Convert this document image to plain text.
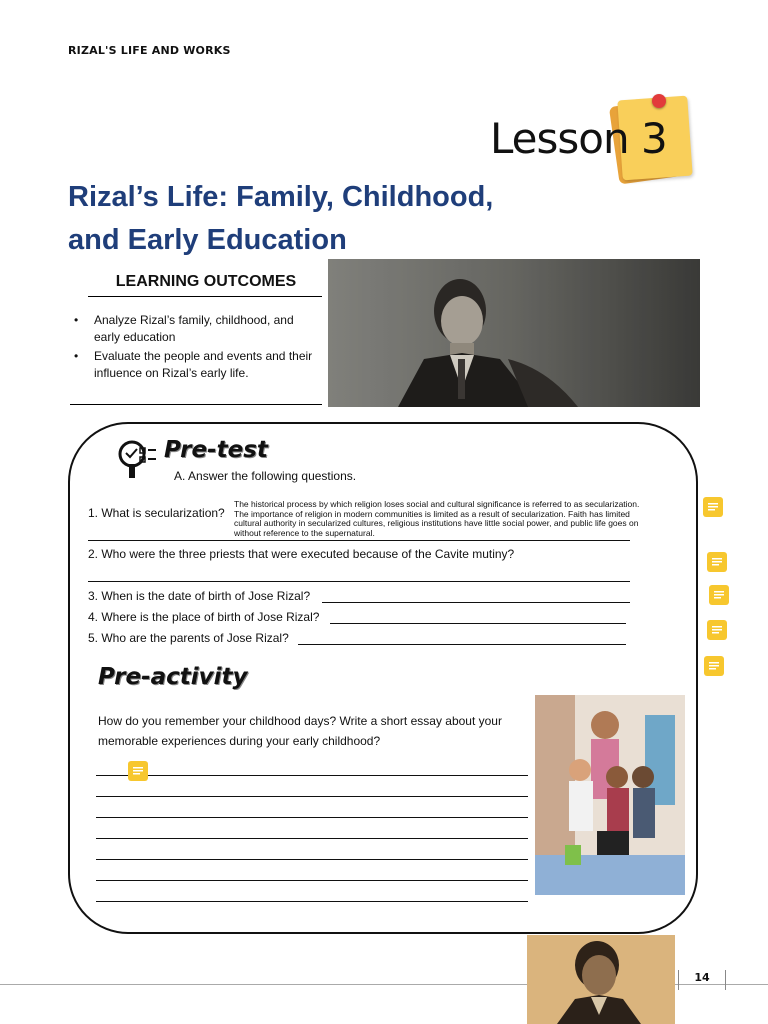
RIZAL'S LIFE AND WORKS
Lesson 3
Rizal’s Life: Family, Childhood,
and Early Education
LEARNING OUTCOMES
• Analyze Rizal’s family, childhood, and early education
• Evaluate the people and events and their influence on Rizal’s early life.
Pre-test
A. Answer the following questions.
1. What is secularization?
The historical process by which religion loses social and cultural significance is referred to as secularization. The importance of religion in modern communities is limited as a result of secularization. Faith has limited cultural authority in secularized cultures, religious institutions have little social power, and public life goes on without reference to the supernatural.
2. Who were the three priests that were executed because of the Cavite mutiny?
3. When is the date of birth of Jose Rizal?
4. Where is the place of birth of Jose Rizal?
5. Who are the parents of Jose Rizal?
Pre-activity
How do you remember your childhood days? Write a short essay about your memorable experiences during your early childhood?
14
